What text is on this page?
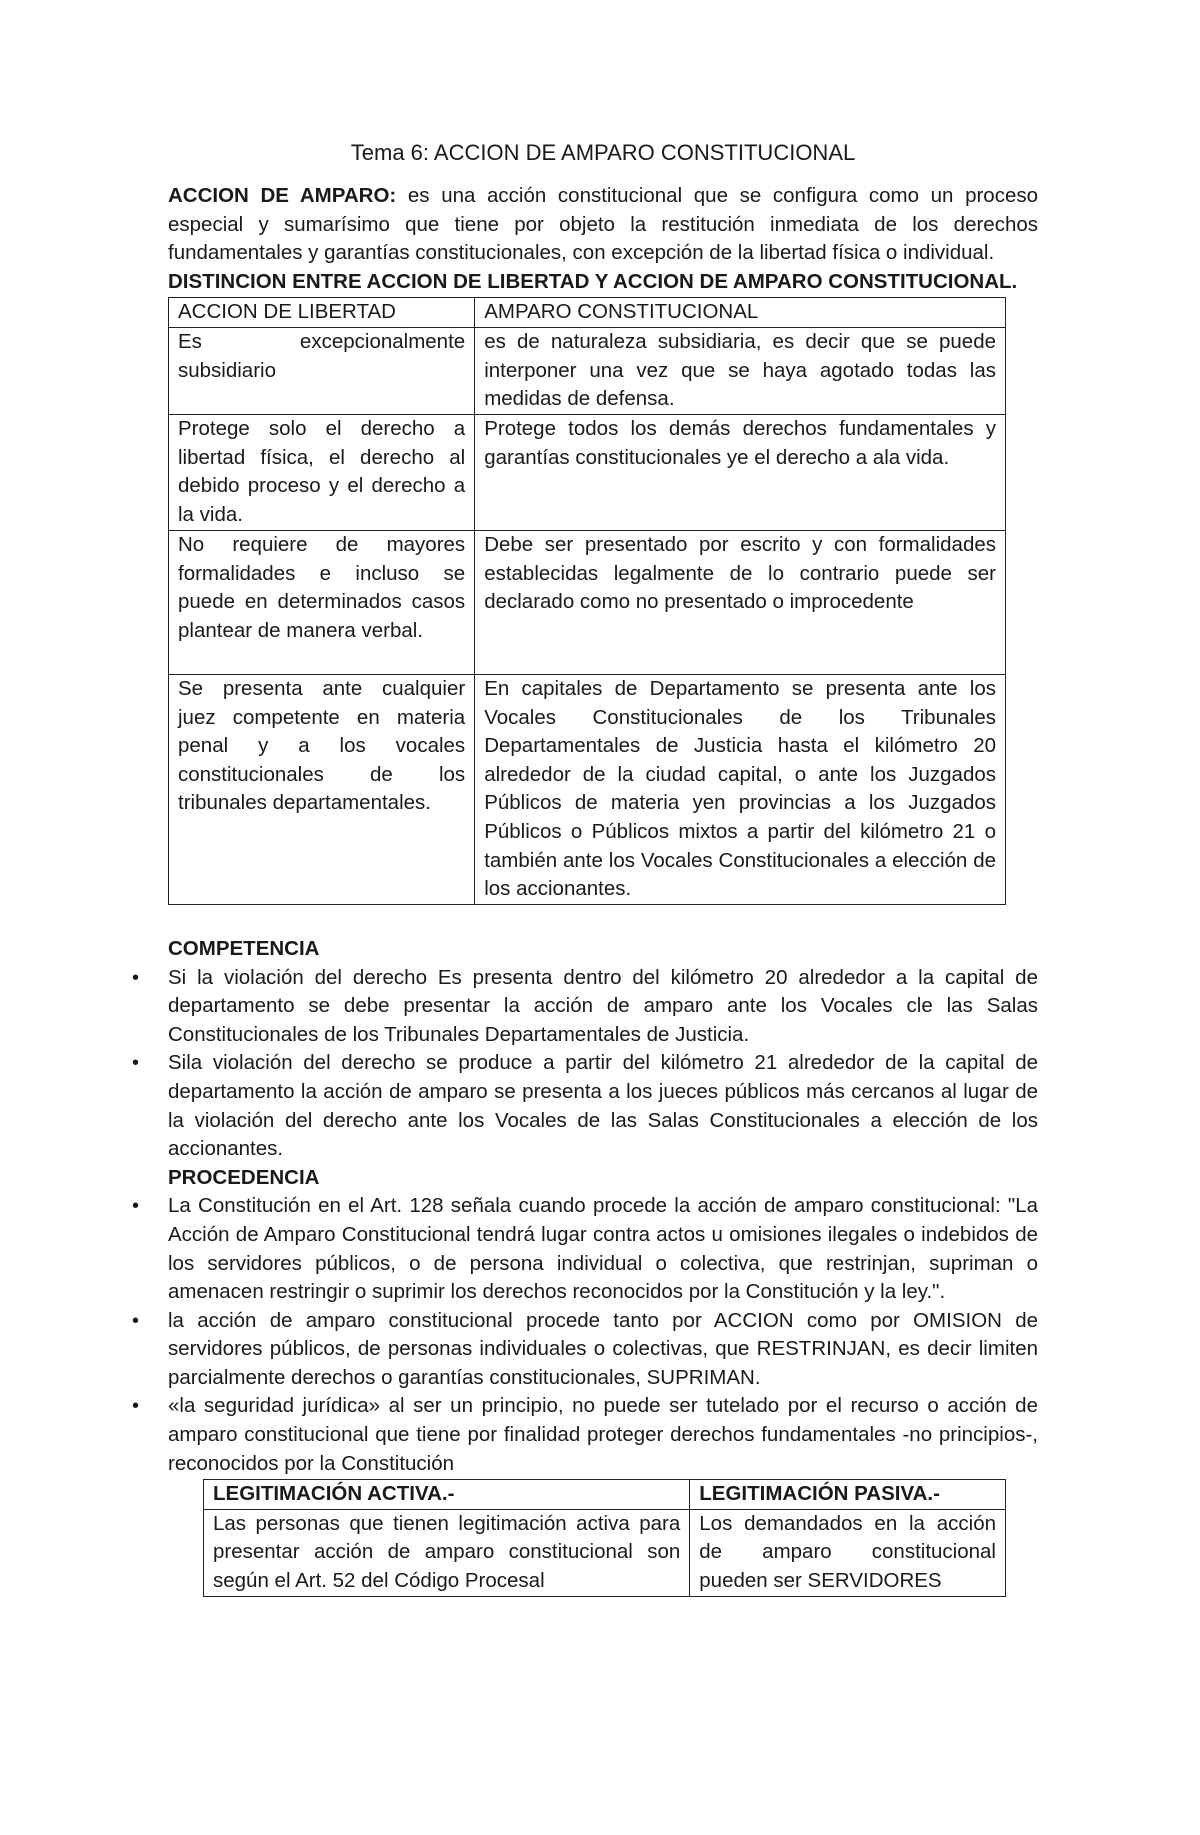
Tema 6: ACCION DE AMPARO CONSTITUCIONAL

ACCION DE AMPARO: es una acción constitucional que se configura como un proceso especial y sumarísimo que tiene por objeto la restitución inmediata de los derechos fundamentales y garantías constitucionales, con excepción de la libertad física o individual.

DISTINCION ENTRE ACCION DE LIBERTAD Y ACCION DE AMPARO CONSTITUCIONAL.

ACCION DE LIBERTAD	AMPARO CONSTITUCIONAL
Es excepcionalmente subsidiario	es de naturaleza subsidiaria, es decir que se puede interponer una vez que se haya agotado todas las medidas de defensa.
Protege solo el derecho a libertad física, el derecho al debido proceso y el derecho a la vida.	Protege todos los demás derechos fundamentales y garantías constitucionales ye el derecho a ala vida.
No requiere de mayores formalidades e incluso se puede en determinados casos plantear de manera verbal.	Debe ser presentado por escrito y con formalidades establecidas legalmente de lo contrario puede ser declarado como no presentado o improcedente
Se presenta ante cualquier juez competente en materia penal y a los vocales constitucionales de los tribunales departamentales.	En capitales de Departamento se presenta ante los Vocales Constitucionales de los Tribunales Departamentales de Justicia hasta el kilómetro 20 alrededor de la ciudad capital, o ante los Juzgados Públicos de materia yen provincias a los Juzgados Públicos o Públicos mixtos a partir del kilómetro 21 o también ante los Vocales Constitucionales a elección de los accionantes.

COMPETENCIA

• Si la violación del derecho Es presenta dentro del kilómetro 20 alrededor a la capital de departamento se debe presentar la acción de amparo ante los Vocales cle las Salas Constitucionales de los Tribunales Departamentales de Justicia.
• Sila violación del derecho se produce a partir del kilómetro 21 alrededor de la capital de departamento la acción de amparo se presenta a los jueces públicos más cercanos al lugar de la violación del derecho ante los Vocales de las Salas Constitucionales a elección de los accionantes.

PROCEDENCIA

• La Constitución en el Art. 128 señala cuando procede la acción de amparo constitucional: "La Acción de Amparo Constitucional tendrá lugar contra actos u omisiones ilegales o indebidos de los servidores públicos, o de persona individual o colectiva, que restrinjan, supriman o amenacen restringir o suprimir los derechos reconocidos por la Constitución y la ley.".
• la acción de amparo constitucional procede tanto por ACCION como por OMISION de servidores públicos, de personas individuales o colectivas, que RESTRINJAN, es decir limiten parcialmente derechos o garantías constitucionales, SUPRIMAN.
• «la seguridad jurídica» al ser un principio, no puede ser tutelado por el recurso o acción de amparo constitucional que tiene por finalidad proteger derechos fundamentales -no principios-, reconocidos por la Constitución
LEGITIMACIÓN ACTIVA.-	LEGITIMACIÓN PASIVA.-
Las personas que tienen legitimación activa para presentar acción de amparo constitucional son según el Art. 52 del Código Procesal	Los demandados en la acción de amparo constitucional pueden ser SERVIDORES
